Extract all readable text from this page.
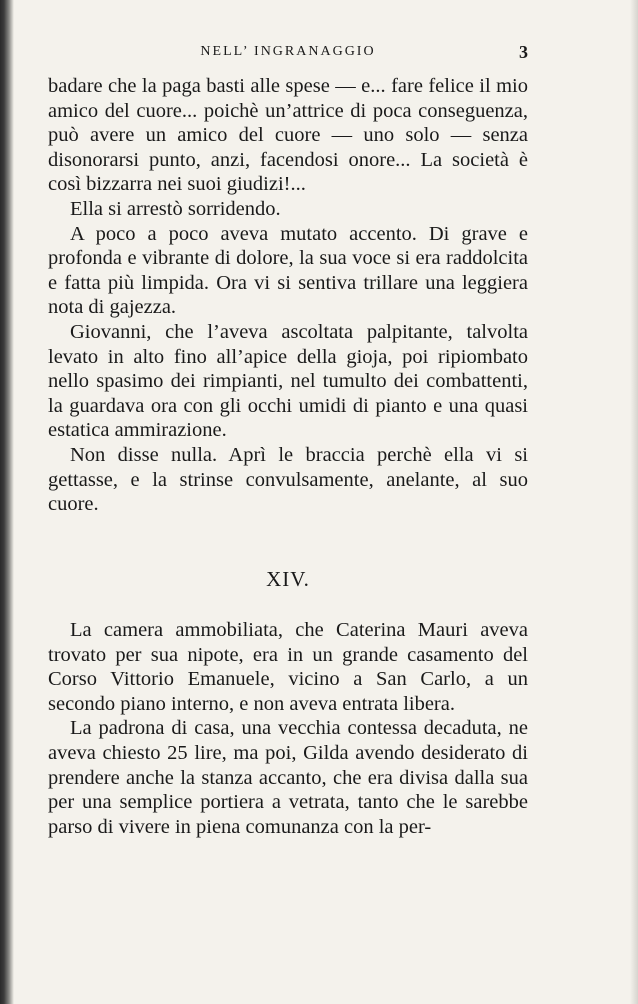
NELL’ INGRANAGGIO	3

badare che la paga basti alle spese — e... fare felice il mio amico del cuore... poichè un’attrice di poca conseguenza, può avere un amico del cuore — uno solo — senza disonorarsi punto, anzi, facendosi onore... La società è così bizzarra nei suoi giudizi!...

Ella si arrestò sorridendo.

A poco a poco aveva mutato accento. Di grave e profonda e vibrante di dolore, la sua voce si era raddolcita e fatta più limpida. Ora vi si sentiva trillare una leggiera nota di gajezza.

Giovanni, che l’aveva ascoltata palpitante, talvolta levato in alto fino all’apice della gioja, poi ripiombato nello spasimo dei rimpianti, nel tumulto dei combattenti, la guardava ora con gli occhi umidi di pianto e una quasi estatica ammirazione.

Non disse nulla. Aprì le braccia perchè ella vi si gettasse, e la strinse convulsamente, anelante, al suo cuore.

XIV.

La camera ammobiliata, che Caterina Mauri aveva trovato per sua nipote, era in un grande casamento del Corso Vittorio Emanuele, vicino a San Carlo, a un secondo piano interno, e non aveva entrata libera.

La padrona di casa, una vecchia contessa decaduta, ne aveva chiesto 25 lire, ma poi, Gilda avendo desiderato di prendere anche la stanza accanto, che era divisa dalla sua per una semplice portiera a vetrata, tanto che le sarebbe parso di vivere in piena comunanza con la per-
